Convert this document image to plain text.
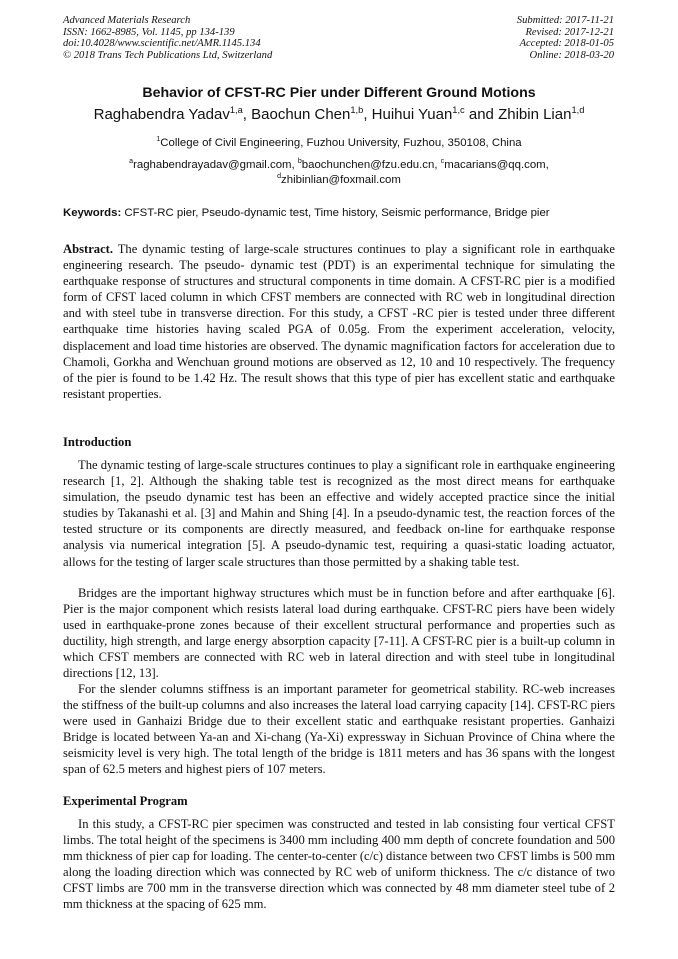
Advanced Materials Research
ISSN: 1662-8985, Vol. 1145, pp 134-139
doi:10.4028/www.scientific.net/AMR.1145.134
© 2018 Trans Tech Publications Ltd, Switzerland
Submitted: 2017-11-21
Revised: 2017-12-21
Accepted: 2018-01-05
Online: 2018-03-20
Behavior of CFST-RC Pier under Different Ground Motions
Raghabendra Yadav$^{1,a}$, Baochun Chen$^{1,b}$, Huihui Yuan$^{1,c}$ and Zhibin Lian$^{1,d}$
$^1$College of Civil Engineering, Fuzhou University, Fuzhou, 350108, China
$^a$raghabendrayadav@gmail.com, $^b$baochunchen@fzu.edu.cn, $^c$macarians@qq.com,
$^d$zhibinlian@foxmail.com
Keywords: CFST-RC pier, Pseudo-dynamic test, Time history, Seismic performance, Bridge pier

Abstract. The dynamic testing of large-scale structures continues to play a significant role in earthquake engineering research. The pseudo- dynamic test (PDT) is an experimental technique for simulating the earthquake response of structures and structural components in time domain. A CFST-RC pier is a modified form of CFST laced column in which CFST members are connected with RC web in longitudinal direction and with steel tube in transverse direction. For this study, a CFST -RC pier is tested under three different earthquake time histories having scaled PGA of 0.05g. From the experiment acceleration, velocity, displacement and load time histories are observed. The dynamic magnification factors for acceleration due to Chamoli, Gorkha and Wenchuan ground motions are observed as 12, 10 and 10 respectively. The frequency of the pier is found to be 1.42 Hz. The result shows that this type of pier has excellent static and earthquake resistant properties.

Introduction

The dynamic testing of large-scale structures continues to play a significant role in earthquake engineering research [1, 2]. Although the shaking table test is recognized as the most direct means for earthquake simulation, the pseudo dynamic test has been an effective and widely accepted practice since the initial studies by Takanashi et al. [3] and Mahin and Shing [4]. In a pseudo-dynamic test, the reaction forces of the tested structure or its components are directly measured, and feedback on-line for earthquake response analysis via numerical integration [5]. A pseudo-dynamic test, requiring a quasi-static loading actuator, allows for the testing of larger scale structures than those permitted by a shaking table test.

Bridges are the important highway structures which must be in function before and after earthquake [6]. Pier is the major component which resists lateral load during earthquake. CFST-RC piers have been widely used in earthquake-prone zones because of their excellent structural performance and properties such as ductility, high strength, and large energy absorption capacity [7-11]. A CFST-RC pier is a built-up column in which CFST members are connected with RC web in lateral direction and with steel tube in longitudinal directions [12, 13].

For the slender columns stiffness is an important parameter for geometrical stability. RC-web increases the stiffness of the built-up columns and also increases the lateral load carrying capacity [14]. CFST-RC piers were used in Ganhaizi Bridge due to their excellent static and earthquake resistant properties. Ganhaizi Bridge is located between Ya-an and Xi-chang (Ya-Xi) expressway in Sichuan Province of China where the seismicity level is very high. The total length of the bridge is 1811 meters and has 36 spans with the longest span of 62.5 meters and highest piers of 107 meters.

Experimental Program

In this study, a CFST-RC pier specimen was constructed and tested in lab consisting four vertical CFST limbs. The total height of the specimens is 3400 mm including 400 mm depth of concrete foundation and 500 mm thickness of pier cap for loading. The center-to-center (c/c) distance between two CFST limbs is 500 mm along the loading direction which was connected by RC web of uniform thickness. The c/c distance of two CFST limbs are 700 mm in the transverse direction which was connected by 48 mm diameter steel tube of 2 mm thickness at the spacing of 625 mm.
